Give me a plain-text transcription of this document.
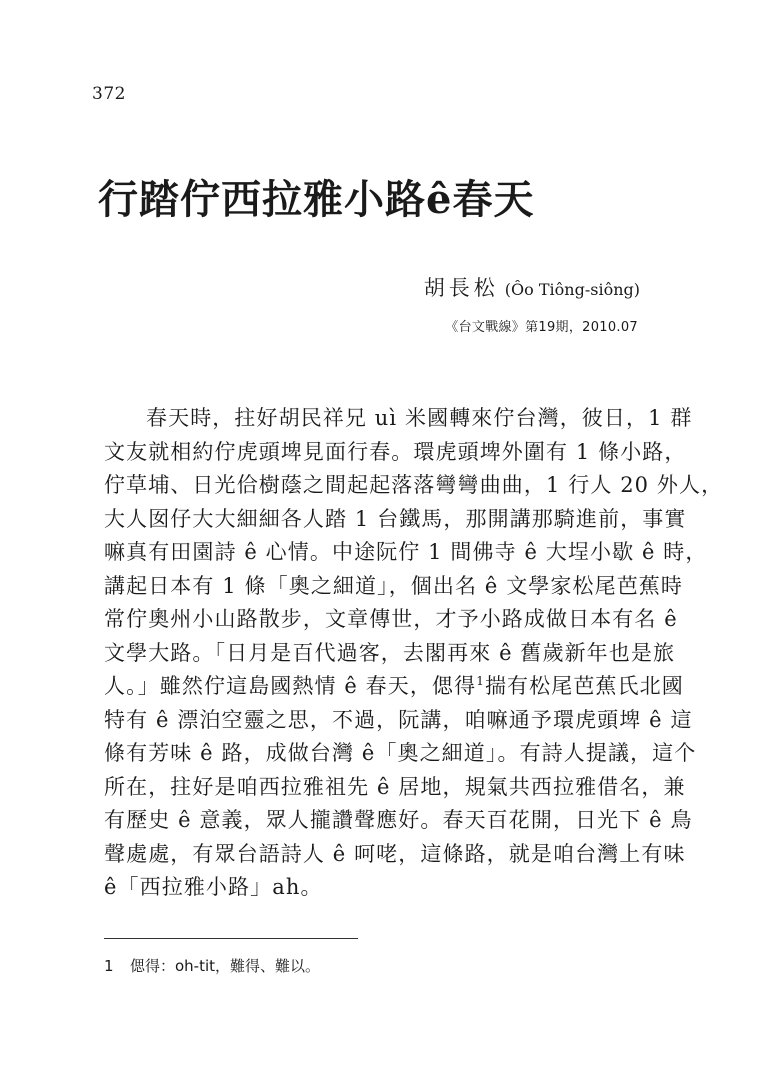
372
行踏佇西拉雅小路ê春天
胡長松 (Ôo Tiông-siông)
《台文戰線》第19期，2010.07
春天時，拄好胡民祥兄 uì 米國轉來佇台灣，彼日，1 群
文友就相約佇虎頭埤見面行春。環虎頭埤外圍有 1 條小路，
佇草埔、日光佮樹蔭之間起起落落彎彎曲曲，1 行人 20 外人，
大人囡仔大大細細各人踏 1 台鐵馬，那開講那騎進前，事實
嘛真有田園詩 ê 心情。中途阮佇 1 間佛寺 ê 大埕小歇 ê 時，
講起日本有 1 條「奧之細道」，個出名 ê 文學家松尾芭蕉時
常佇奧州小山路散步，文章傳世，才予小路成做日本有名 ê
文學大路。「日月是百代過客，去閣再來 ê 舊歲新年也是旅
人。」雖然佇這島國熱情 ê 春天，偲得$^1$揣有松尾芭蕉氏北國
特有 ê 漂泊空靈之思，不過，阮講，咱嘛通予環虎頭埤 ê 這
條有芳味 ê 路，成做台灣 ê「奧之細道」。有詩人提議，這个
所在，拄好是咱西拉雅祖先 ê 居地，規氣共西拉雅借名，兼
有歷史 ê 意義，眾人攏讚聲應好。春天百花開，日光下 ê 鳥
聲處處，有眾台語詩人 ê 呵咾，這條路，就是咱台灣上有味
ê「西拉雅小路」ah。
1 偲得：oh-tit，難得、難以。
